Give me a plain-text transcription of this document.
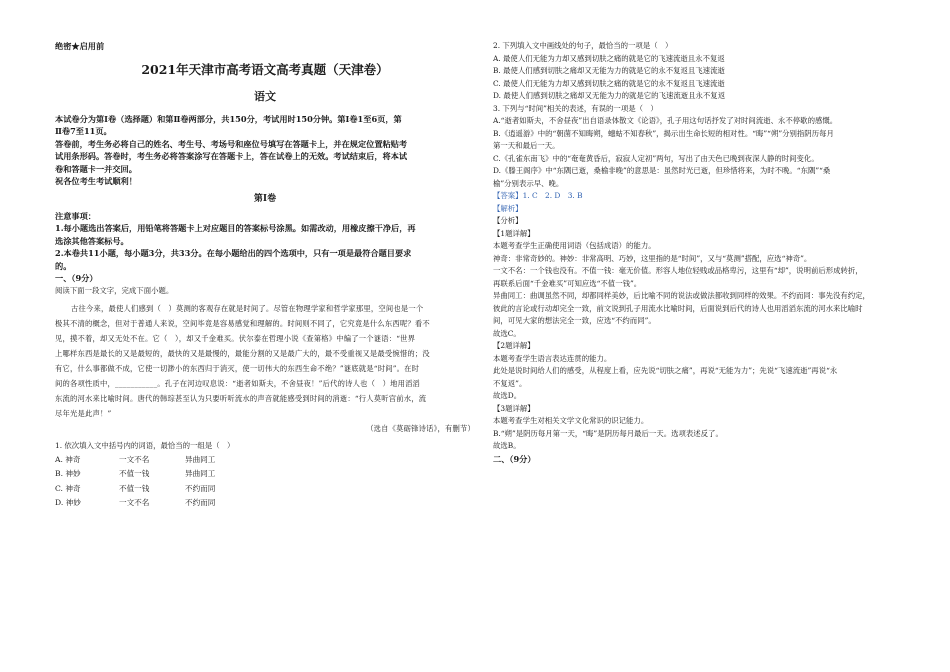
绝密★启用前
2021年天津市高考语文高考真题（天津卷）
语文
本试卷分为第Ⅰ卷（选择题）和第Ⅱ卷两部分，共150分，考试用时150分钟。第Ⅰ卷1至6页，第
Ⅱ卷7至11页。
答卷前，考生务必将自己的姓名、考生号、考场号和座位号填写在答题卡上，并在规定位置粘贴考
试用条形码。答卷时，考生务必将答案涂写在答题卡上，答在试卷上的无效。考试结束后，将本试
卷和答题卡一并交回。
祝各位考生考试顺利！
第Ⅰ卷
注意事项：
1.每小题选出答案后，用铅笔将答题卡上对应题目的答案标号涂黑。如需改动，用橡皮擦干净后，再
选涂其他答案标号。
2.本卷共11小题，每小题3分，共33分。在每小题给出的四个选项中，只有一项是最符合题目要求
的。
一、（9分）
阅读下面一段文字，完成下面小题。
古往今来，最使人们感到（　）莫测的客观存在就是时间了。尽管在物理学家和哲学家那里，空间也是一个
极其不清的概念，但对于普通人来说，空间毕竟是容易感觉和理解的。时间则不同了，它究竟是什么东西呢？看不
见，摸不着，却又无处不在。它（　），却又千金难买。伏尔泰在哲理小说《查第格》中编了一个谜语：“世界
上哪样东西是最长的又是最短的，最快的又是最慢的，最能分割的又是最广大的，最不受重视又是最受惋惜的；没
有它，什么事都做不成，它使一切渺小的东西归于消灭，使一切伟大的东西生命不绝？”谜底就是“时间”。在时
间的各项性质中，___________。孔子在河边叹息说：“逝者如斯夫，不舍昼夜！”后代的诗人也（　）地用滔滔
东流的河水来比喻时间。唐代的韩琮甚至认为只要听听流水的声音就能感受到时间的消逝：“行人莫听宫前水，流
尽年光是此声！”
（选自《莫砺锋诗话》，有删节）
1. 依次填入文中括号内的词语，最恰当的一组是（　）
A. 神奇	一文不名	异曲同工
B. 神妙	不值一钱	异曲同工
C. 神奇	不值一钱	不约而同
D. 神妙	一文不名	不约而同
2. 下列填入文中画线处的句子，最恰当的一项是（　）
A. 最使人们无能为力却又感到切肤之痛的就是它的飞速流逝且永不复返
B. 最使人们感到切肤之痛却又无能为力的就是它的永不复返且飞速流逝
C. 最使人们无能为力却又感到切肤之痛的就是它的永不复返且飞速流逝
D. 最使人们感到切肤之痛却又无能为力的就是它的飞速流逝且永不复返
3. 下列与“时间”相关的表述，有误的一项是（　）
A.“逝者如斯夫，不舍昼夜”出自语录体散文《论语》，孔子用这句话抒发了对时间流逝、永不停歇的感慨。
B.《逍遥游》中的“朝菌不知晦朔，蟪蛄不知春秋”，揭示出生命长短的相对性。“晦”“朔”分别指阴历每月
第一天和最后一天。
C.《孔雀东南飞》中的“奄奄黄昏后，寂寂人定初”两句，写出了由天色已晚到夜深人静的时间变化。
D.《滕王阁序》中“东隅已逝，桑榆非晚”的意思是：虽然时光已逝，但珍惜将来，为时不晚。“东隅”“桑
榆”分别表示早、晚。
【答案】1. C　2. D　3. B
【解析】
【分析】
【1题详解】
本题考查学生正确使用词语（包括成语）的能力。
神奇：非常奇妙的。神妙：非常高明、巧妙，这里指的是“时间”，又与“莫测”搭配，应选“神奇”。
一文不名：一个钱也没有。不值一钱：毫无价值。形容人地位轻贱或品格卑污，这里有“却”，说明前后形成转折，
再联系后面“千金难买”可知应选“不值一钱”。
异曲同工：曲调虽然不同，却都同样美妙，后比喻不同的说法或做法都收到同样的效果。不约而同：事先没有约定，
彼此的言论或行动却完全一致，前文说到孔子用流水比喻时间，后面说到后代的诗人也用滔滔东流的河水来比喻时
间，可见大家的想法完全一致，应选“不约而同”。
故选C。
【2题详解】
本题考查学生语言表达连贯的能力。
此处是说时间给人们的感受，从程度上看，应先说“切肤之痛”，再说“无能为力”；先说“飞速流逝”再说“永
不复返”。
故选D。
【3题详解】
本题考查学生对相关文学文化常识的识记能力。
B.“朔”是阴历每月第一天，“晦”是阴历每月最后一天。选项表述反了。
故选B。
二、（9分）
